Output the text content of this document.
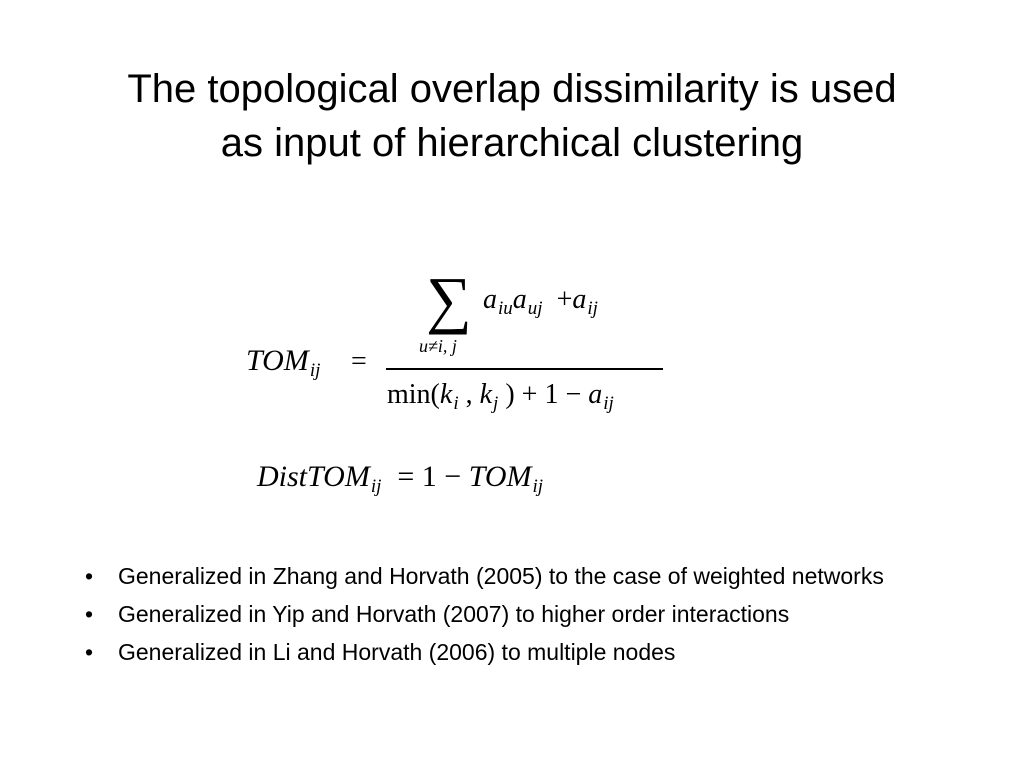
The topological overlap dissimilarity is used
as input of hierarchical clustering
$TOM_{ij}$ =
∑
u≠i, j
$a_{iu}a_{uj} +a_{ij}$
$\min(k_i$ , $k_j$ ) + $1 - a_{ij}$
DistTOM$_{ij}$ = $1 - TOM_{ij}$
• Generalized in Zhang and Horvath (2005) to the case of weighted networks
• Generalized in Yip and Horvath (2007) to higher order interactions
• Generalized in Li and Horvath (2006) to multiple nodes
